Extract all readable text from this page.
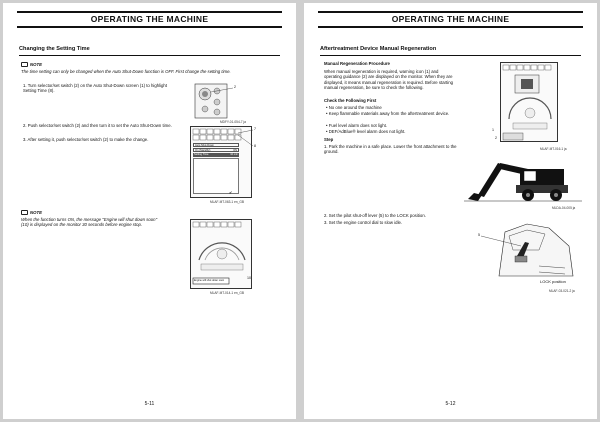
OPERATING THE MACHINE
Changing the Setting Time
NOTE
The time setting can only be changed when the Auto Shut-Down function is OFF. First change the setting time.
1. Turn selector/set switch (2) on the Auto Shut-Down screen (1) to highlight Setting Time (8).
2. Push selector/set switch (2) and then turn it to set the Auto Shut-Down time.
3. After setting it, push selector/set switch (2) to make the change.
2
MDFY-01-054-7 ja
Auto Shut-Down
On (Standby)	ON
Setting Time	10 min
✔
7
8
MLAF-MT-063-1 en_GB
NOTE
When the function turns ON, the message "Engine will shut down soon" (10) is displayed on the monitor 30 seconds before engine stop.
Engine will shut down soon
10
MLAF-MT-014-1 en_GB
5-11
OPERATING THE MACHINE
Aftertreatment Device Manual Regeneration
Manual Regeneration Procedure
When manual regeneration is required, warning icon (1) and operating guidance (2) are displayed on the monitor. When they are displayed, it means manual regeneration is required. Before starting manual regeneration, be sure to check the following.
Check the Following First
• No one around the machine
• Keep flammable materials away from the aftertreatment device.
• Fuel level alarm does not light.
• DEF/AdBlue® level alarm does not light.
Step
1. Park the machine in a safe place. Lower the front attachment to the ground.
2. Set the pilot shut-off lever (5) to the LOCK position.
3. Set the engine control dial to slow idle.
1
2
MLAF-MT-016-1 ja
MLDA-04-005 ja
5
LOCK position
MLAF-03-021-2 ja
5-12
